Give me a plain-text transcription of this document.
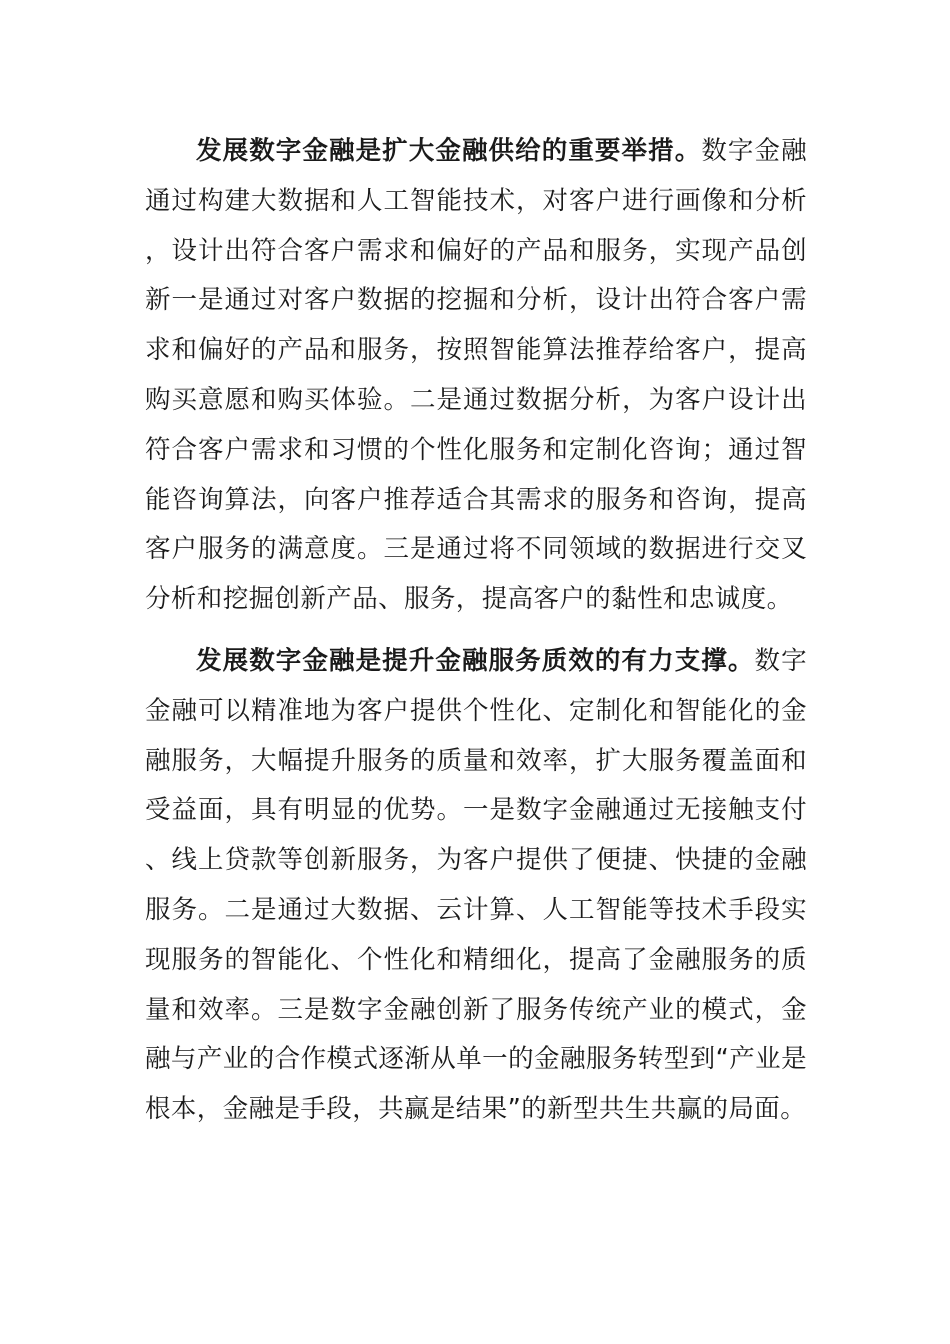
发展数字金融是扩大金融供给的重要举措。数字金融通过构建大数据和人工智能技术，对客户进行画像和分析，设计出符合客户需求和偏好的产品和服务，实现产品创新一是通过对客户数据的挖掘和分析，设计出符合客户需求和偏好的产品和服务，按照智能算法推荐给客户，提高购买意愿和购买体验。二是通过数据分析，为客户设计出符合客户需求和习惯的个性化服务和定制化咨询；通过智能咨询算法，向客户推荐适合其需求的服务和咨询，提高客户服务的满意度。三是通过将不同领域的数据进行交叉分析和挖掘创新产品、服务，提高客户的黏性和忠诚度。

发展数字金融是提升金融服务质效的有力支撑。数字金融可以精准地为客户提供个性化、定制化和智能化的金融服务，大幅提升服务的质量和效率，扩大服务覆盖面和受益面，具有明显的优势。一是数字金融通过无接触支付、线上贷款等创新服务，为客户提供了便捷、快捷的金融服务。二是通过大数据、云计算、人工智能等技术手段实现服务的智能化、个性化和精细化，提高了金融服务的质量和效率。三是数字金融创新了服务传统产业的模式，金融与产业的合作模式逐渐从单一的金融服务转型到“产业是根本，金融是手段，共赢是结果”的新型共生共赢的局面。
